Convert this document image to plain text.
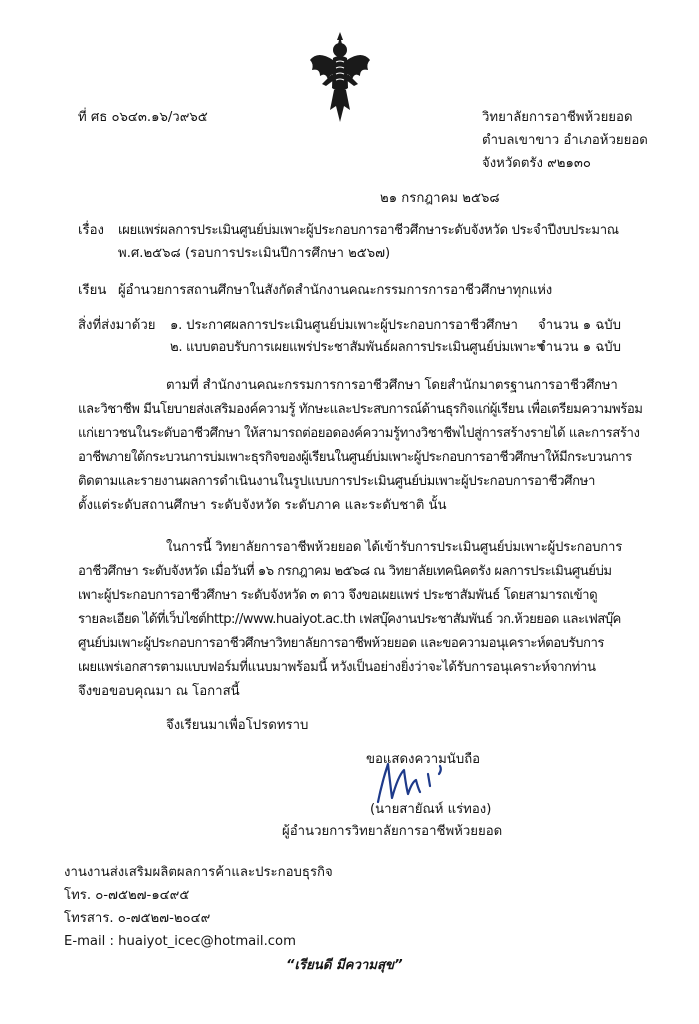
ที่ ศธ ๐๖๔๓.๑๖/ว๙๖๕	วิทยาลัยการอาชีพห้วยยอด
ตำบลเขาขาว อำเภอห้วยยอด
จังหวัดตรัง ๙๒๑๓๐
๒๑ กรกฎาคม ๒๕๖๘
เรื่อง เผยแพร่ผลการประเมินศูนย์บ่มเพาะผู้ประกอบการอาชีวศึกษาระดับจังหวัด ประจำปีงบประมาณ
พ.ศ.๒๕๖๘ (รอบการประเมินปีการศึกษา ๒๕๖๗)
เรียน ผู้อำนวยการสถานศึกษาในสังกัดสำนักงานคณะกรรมการการอาชีวศึกษาทุกแห่ง
สิ่งที่ส่งมาด้วย ๑. ประกาศผลการประเมินศูนย์บ่มเพาะผู้ประกอบการอาชีวศึกษา จำนวน ๑ ฉบับ
๒. แบบตอบรับการเผยแพร่ประชาสัมพันธ์ผลการประเมินศูนย์บ่มเพาะฯ
จำนวน ๑ ฉบับ
ตามที่ สำนักงานคณะกรรมการการอาชีวศึกษา โดยสำนักมาตรฐานการอาชีวศึกษา
และวิชาชีพ มีนโยบายส่งเสริมองค์ความรู้ ทักษะและประสบการณ์ด้านธุรกิจแก่ผู้เรียน เพื่อเตรียมความพร้อม
แก่เยาวชนในระดับอาชีวศึกษา ให้สามารถต่อยอดองค์ความรู้ทางวิชาชีพไปสู่การสร้างรายได้ และการสร้าง
อาชีพภายใต้กระบวนการบ่มเพาะธุรกิจของผู้เรียนในศูนย์บ่มเพาะผู้ประกอบการอาชีวศึกษาให้มีกระบวนการ
ติดตามและรายงานผลการดำเนินงานในรูปแบบการประเมินศูนย์บ่มเพาะผู้ประกอบการอาชีวศึกษา
ตั้งแต่ระดับสถานศึกษา ระดับจังหวัด ระดับภาค และระดับชาติ นั้น
ในการนี้ วิทยาลัยการอาชีพห้วยยอด ได้เข้ารับการประเมินศูนย์บ่มเพาะผู้ประกอบการ
อาชีวศึกษา ระดับจังหวัด เมื่อวันที่ ๑๖ กรกฎาคม ๒๕๖๘ ณ วิทยาลัยเทคนิคตรัง ผลการประเมินศูนย์บ่ม
เพาะผู้ประกอบการอาชีวศึกษา ระดับจังหวัด ๓ ดาว จึงขอเผยแพร่ ประชาสัมพันธ์ โดยสามารถเข้าดู
รายละเอียด ได้ที่เว็บไซต์http://www.huaiyot.ac.th เฟสบุ๊คงานประชาสัมพันธ์ วก.ห้วยยอด และเฟสบุ๊ค
ศูนย์บ่มเพาะผู้ประกอบการอาชีวศึกษาวิทยาลัยการอาชีพห้วยยอด และขอความอนุเคราะห์ตอบรับการ
เผยแพร่เอกสารตามแบบฟอร์มที่แนบมาพร้อมนี้ หวังเป็นอย่างยิ่งว่าจะได้รับการอนุเคราะห์จากท่าน
จึงขอขอบคุณมา ณ โอกาสนี้
จึงเรียนมาเพื่อโปรดทราบ
ขอแสดงความนับถือ
(นายสายัณห์ แร่ทอง)
ผู้อำนวยการวิทยาลัยการอาชีพห้วยยอด
งานงานส่งเสริมผลิตผลการค้าและประกอบธุรกิจ
โทร. ๐-๗๕๒๗-๑๔๙๕
โทรสาร. ๐-๗๕๒๗-๒๐๔๙
E-mail : huaiyot_icec@hotmail.com
“เรียนดี มีความสุข”
